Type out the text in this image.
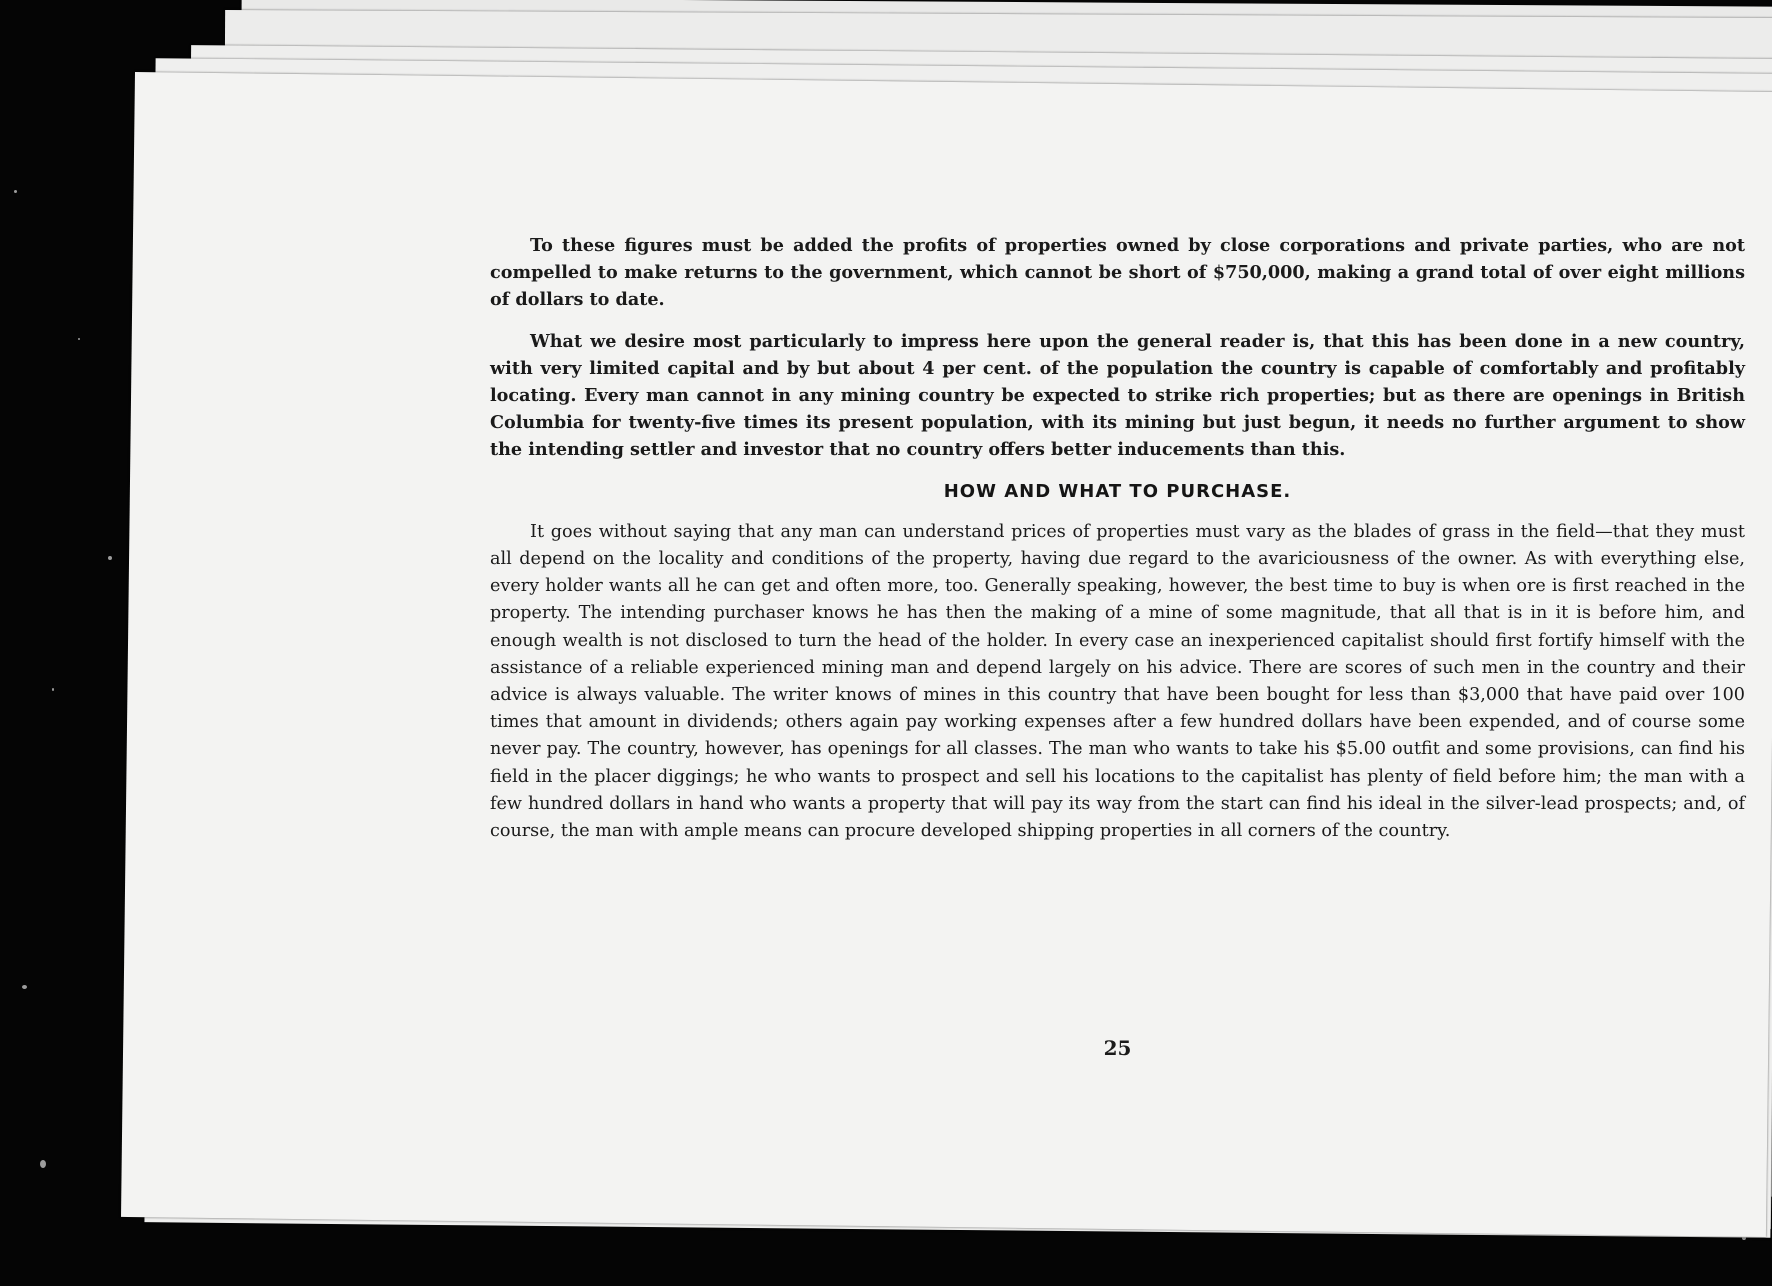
To these figures must be added the profits of properties owned by close corporations and private parties, who are not compelled to make returns to the government, which cannot be short of $750,000, making a grand total of over eight millions of dollars to date.

What we desire most particularly to impress here upon the general reader is, that this has been done in a new country, with very limited capital and by but about 4 per cent. of the population the country is capable of comfortably and profitably locating. Every man cannot in any mining country be expected to strike rich properties; but as there are openings in British Columbia for twenty-five times its present population, with its mining but just begun, it needs no further argument to show the intending settler and investor that no country offers better inducements than this.

HOW AND WHAT TO PURCHASE.

It goes without saying that any man can understand prices of properties must vary as the blades of grass in the field—that they must all depend on the locality and conditions of the property, having due regard to the avariciousness of the owner. As with everything else, every holder wants all he can get and often more, too. Generally speaking, however, the best time to buy is when ore is first reached in the property. The intending purchaser knows he has then the making of a mine of some magnitude, that all that is in it is before him, and enough wealth is not disclosed to turn the head of the holder. In every case an inexperienced capitalist should first fortify himself with the assistance of a reliable experienced mining man and depend largely on his advice. There are scores of such men in the country and their advice is always valuable. The writer knows of mines in this country that have been bought for less than $3,000 that have paid over 100 times that amount in dividends; others again pay working expenses after a few hundred dollars have been expended, and of course some never pay. The country, however, has openings for all classes. The man who wants to take his $5.00 outfit and some provisions, can find his field in the placer diggings; he who wants to prospect and sell his locations to the capitalist has plenty of field before him; the man with a few hundred dollars in hand who wants a property that will pay its way from the start can find his ideal in the silver-lead prospects; and, of course, the man with ample means can procure developed shipping properties in all corners of the country.

25
